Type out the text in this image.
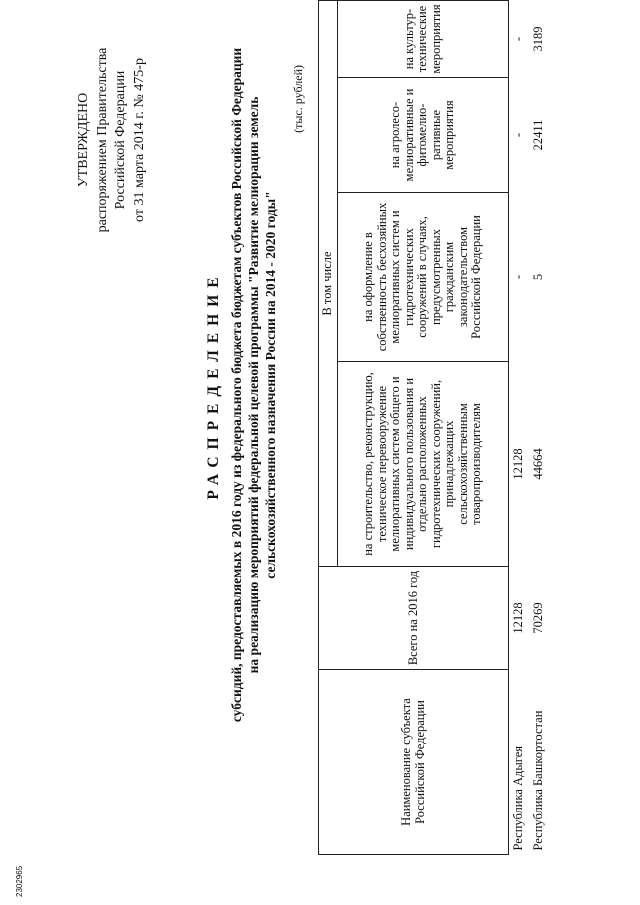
УТВЕРЖДЕНО распоряжением Правительства Российской Федерации от 31 марта 2014 г. № 475-р
РАСПРЕДЕЛЕНИЕ субсидий, предоставляемых в 2016 году из федерального бюджета бюджетам субъектов Российской Федерации на реализацию мероприятий федеральной целевой программы "Развитие мелиорации земель сельскохозяйственного назначения России на 2014 - 2020 годы"
(тыс. рублей)
Наименование субъекта Российской Федерации	Всего на 2016 год	В том числе			
		на строительство, реконструкцию, техническое перевооружение мелиоративных систем общего и индивидуального пользования и отдельно расположенных гидротехнических сооружений, принадлежащих сельскохозяйственным товаропроизводителям	на оформление в собственность бесхозяйных мелиоративных систем и гидротехнических сооружений в случаях, предусмотренных гражданским законодательством Российской Федерации	на агролесо-мелиоративные и фитомелио-ративные мероприятия	на культур-технические мероприятия
Республика Адыгея	12128	12128	-	-	-
Республика Башкортостан	70269	44664	5	22411	3189
2302965
